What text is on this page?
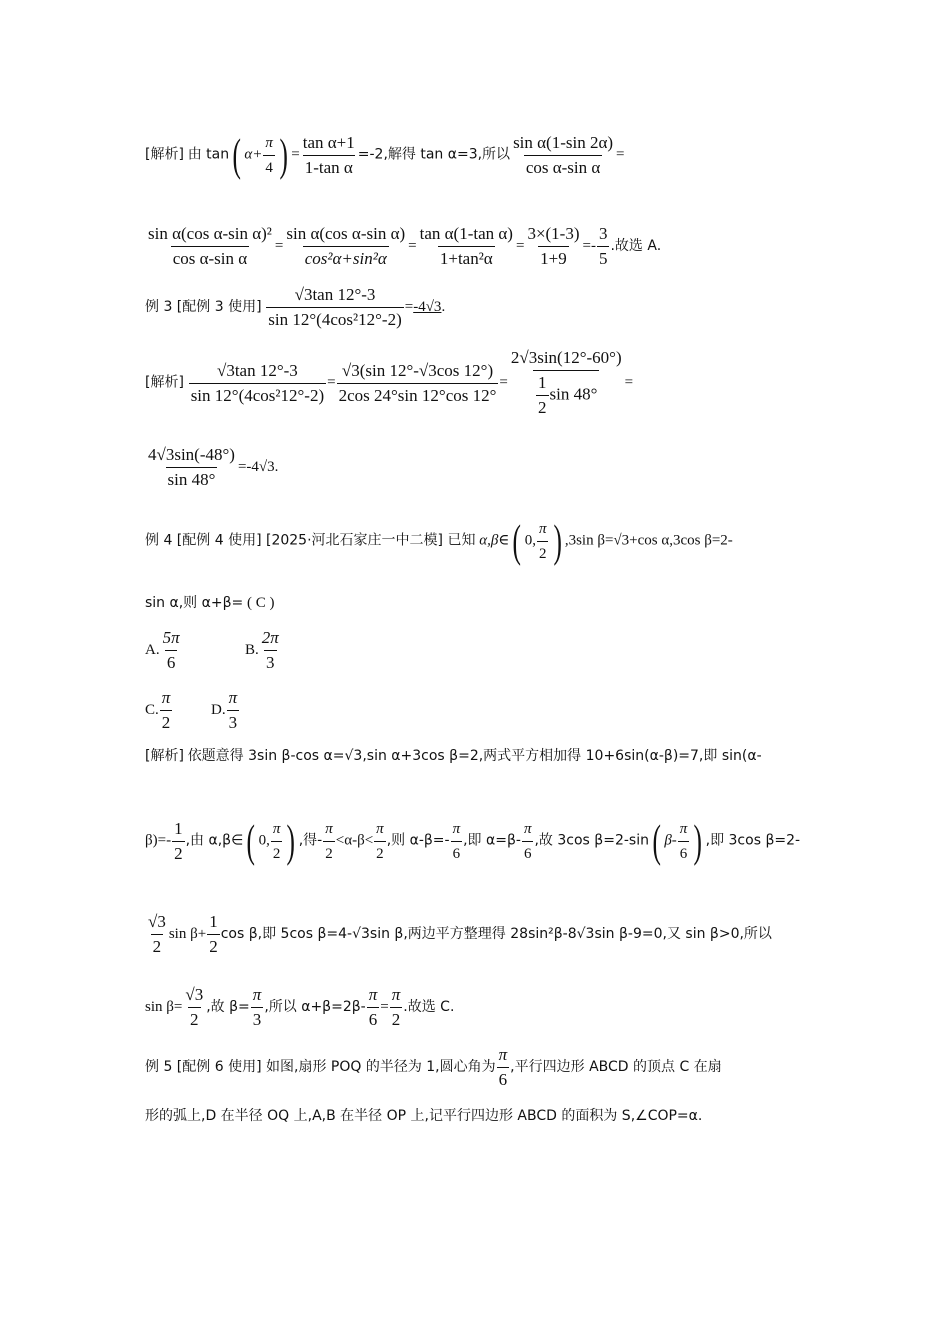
[解析] 由 tan( $\alpha+ \frac{\pi}{4}$ ) = $\frac{\text{tan α+1}}{\text{1-tan α}} =-2$,解得 tan α=3,所以 $\frac{\text{sin α(1-sin 2α)}}{\text{cos α-sin α}}$ =
$\frac{\text{sin α(cos α-sin α)²}}{\text{cos α-sin α}} = \frac{\text{sin α(cos α-sin α)}}{\text{cos²α+sin²α}} = \frac{\text{tan α(1-tan α)}}{\text{1+tan²α}} = \frac{3\times(1-3)}{1+9} =- \frac{3}{5}$ .故选 A.
例 3 [配例 3 使用] $\frac{√3\tan 12^\circ-3}{\text{sin 12°(4cos²12°-2)}} =-4√3$.
[解析] $\frac{√3\tan 12^\circ-3}{\text{sin 12°(4cos²12°-2)}} = \frac{√3(\sin 12^\circ-√3\cos 12^\circ)}{2\cos 24^\circ\sin 12^\circ\cos 12^\circ} = \frac{2√3\sin(12^\circ-60^\circ)}{\frac{1}{2} \sin 48^\circ}$ =
$\frac{4√3\sin(-48^\circ)}{\sin 48^\circ} =-4√3$.
例 4 [配例 4 使用] [2025·河北石家庄一中二模] 已知 α,β∈( 0, $\frac{\pi}{2}$ ) ,3sin β=√3+cos α,3cos β=2-
sin α,则 α+β= ( C )
A. $\frac{5\pi}{6}$	B. $\frac{2\pi}{3}$
C. $\frac{\pi}{2}$	D. $\frac{\pi}{3}$
[解析] 依题意得 3sin β-cos α=√3,sin α+3cos β=2,两式平方相加得 10+6sin(α-β)=7,即 sin(α-
$\beta)=- \frac{1}{2}$ ,由 α,β∈( 0, $\frac{\pi}{2}$ ) ,得- $\frac{\pi}{2} <\alpha-\beta< \frac{\pi}{2}$ ,则 $\alpha-\beta=- \frac{\pi}{6}$ ,即 $\alpha=\beta- \frac{\pi}{6}$ ,故 3cos β=2-sin( $\beta- \frac{\pi}{6}$ ) ,即 3cos β=2-
$\frac{√3}{2}$ $\sin \beta+ \frac{1}{2}$ cos β,即 5cos β=4-√3sin β,两边平方整理得 28sin²β-8√3sin β-9=0,又 sin β>0,所以
$\sin \beta= \frac{√3}{2}$ ,故 $\beta= \frac{\pi}{3}$ ,所以 $\alpha+\beta=2\beta- \frac{\pi}{6} = \frac{\pi}{2}$ .故选 C.
例 5 [配例 6 使用] 如图,扇形 POQ 的半径为 1,圆心角为 $\frac{\pi}{6}$ ,平行四边形 ABCD 的顶点 C 在扇
形的弧上,D 在半径 OQ 上,A,B 在半径 OP 上,记平行四边形 ABCD 的面积为 S,∠COP=α.
